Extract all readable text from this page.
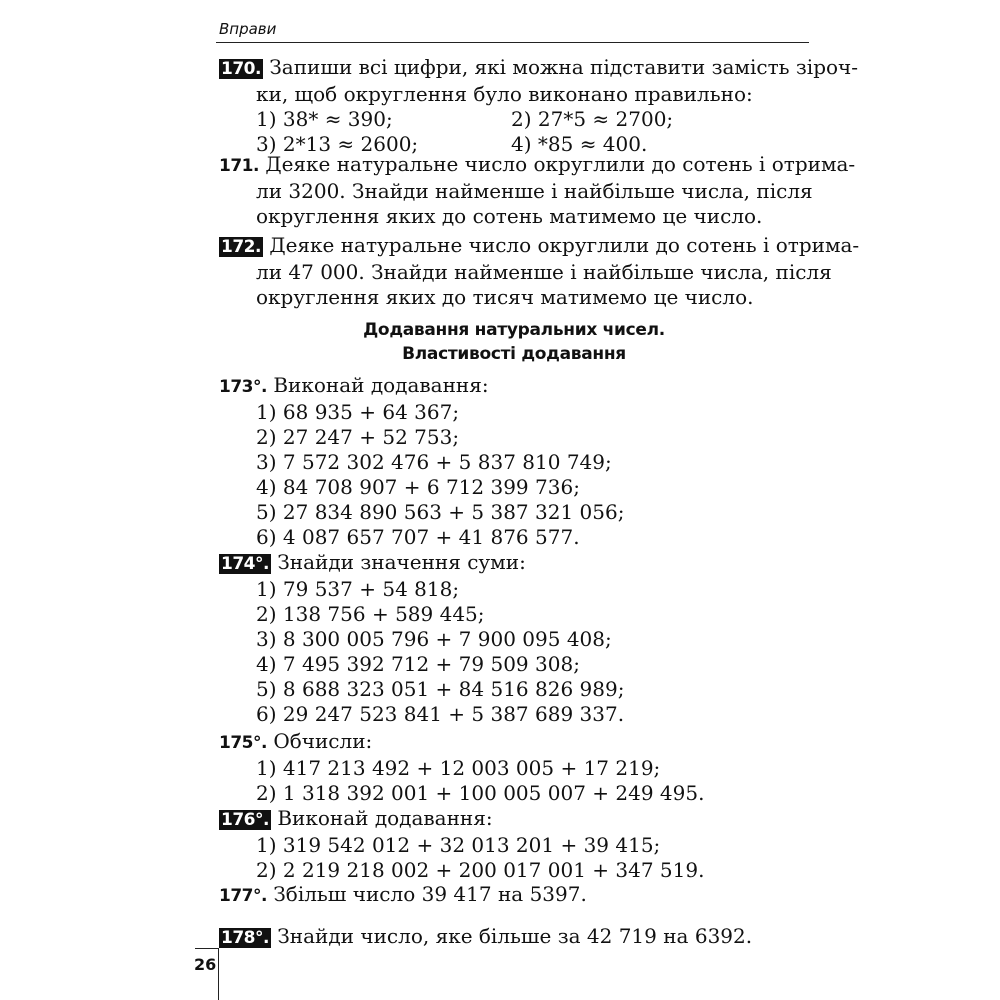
Вправи
170. Запиши всі цифри, які можна підставити замість зіроч-
ки, щоб округлення було виконано правильно:
1) 38* ≈ 390;	2) 27*5 ≈ 2700;
3) 2*13 ≈ 2600;	4) *85 ≈ 400.
171. Деяке натуральне число округлили до сотень і отрима-
ли 3200. Знайди найменше і найбільше числа, після
округлення яких до сотень матимемо це число.
172. Деяке натуральне число округлили до сотень і отрима-
ли 47 000. Знайди найменше і найбільше числа, після
округлення яких до тисяч матимемо це число.
Додавання натуральних чисел.
Властивості додавання
173°. Виконай додавання:
1) 68 935 + 64 367;
2) 27 247 + 52 753;
3) 7 572 302 476 + 5 837 810 749;
4) 84 708 907 + 6 712 399 736;
5) 27 834 890 563 + 5 387 321 056;
6) 4 087 657 707 + 41 876 577.
174°. Знайди значення суми:
1) 79 537 + 54 818;
2) 138 756 + 589 445;
3) 8 300 005 796 + 7 900 095 408;
4) 7 495 392 712 + 79 509 308;
5) 8 688 323 051 + 84 516 826 989;
6) 29 247 523 841 + 5 387 689 337.
175°. Обчисли:
1) 417 213 492 + 12 003 005 + 17 219;
2) 1 318 392 001 + 100 005 007 + 249 495.
176°. Виконай додавання:
1) 319 542 012 + 32 013 201 + 39 415;
2) 2 219 218 002 + 200 017 001 + 347 519.
177°. Збільш число 39 417 на 5397.
178°. Знайди число, яке більше за 42 719 на 6392.
26
